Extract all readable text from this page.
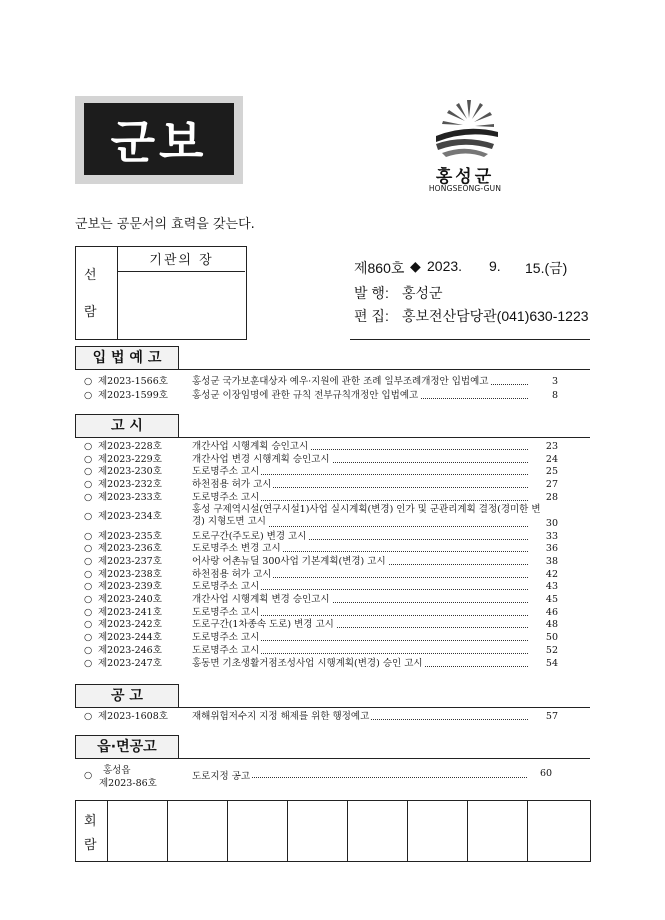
군보
홍성군
HONGSEONG-GUN
군보는 공문서의 효력을 갖는다.
기관의 장
선
람
제860호 ◆ 2023. 9. 15.(금)
발 행: 홍성군
편 집: 홍보전산담당관(041)630-1223
입 법 예 고
○ 제2023-1566호	홍성군 국가보훈대상자 예우·지원에 관한 조례 일부조례개정안 입법예고	3
○ 제2023-1599호	홍성군 이장임명에 관한 규칙 전부규칙개정안 입법예고	8
고 시
○ 제2023-228호	개간사업 시행계획 승인고시	23
○ 제2023-229호	개간사업 변경 시행계획 승인고시	24
○ 제2023-230호	도로명주소 고시	25
○ 제2023-232호	하천점용 허가 고시	27
○ 제2023-233호	도로명주소 고시	28
○ 제2023-234호
홍성 구제역시설(연구시설1)사업 실시계획(변경) 인가 및 군관리계획 결정(경미한 변경) 지형도면 고시	30
○ 제2023-235호	도로구간(주도로) 변경 고시	33
○ 제2023-236호	도로명주소 변경 고시	36
○ 제2023-237호	어사랑 어촌뉴딜 300사업 기본계획(변경) 고시	38
○ 제2023-238호	하천점용 허가 고시	42
○ 제2023-239호	도로명주소 고시	43
○ 제2023-240호	개간사업 시행계획 변경 승인고시	45
○ 제2023-241호	도로명주소 고시	46
○ 제2023-242호	도로구간(1차종속 도로) 변경 고시	48
○ 제2023-244호	도로명주소 고시	50
○ 제2023-246호	도로명주소 고시	52
○ 제2023-247호	홍동면 기초생활거점조성사업 시행계획(변경) 승인 고시	54
공 고
○ 제2023-1608호	재해위험저수지 지정 해제를 위한 행정예고	57
읍·면공고
○ 홍성읍
제2023-86호
도로지정 공고	60
회
람
